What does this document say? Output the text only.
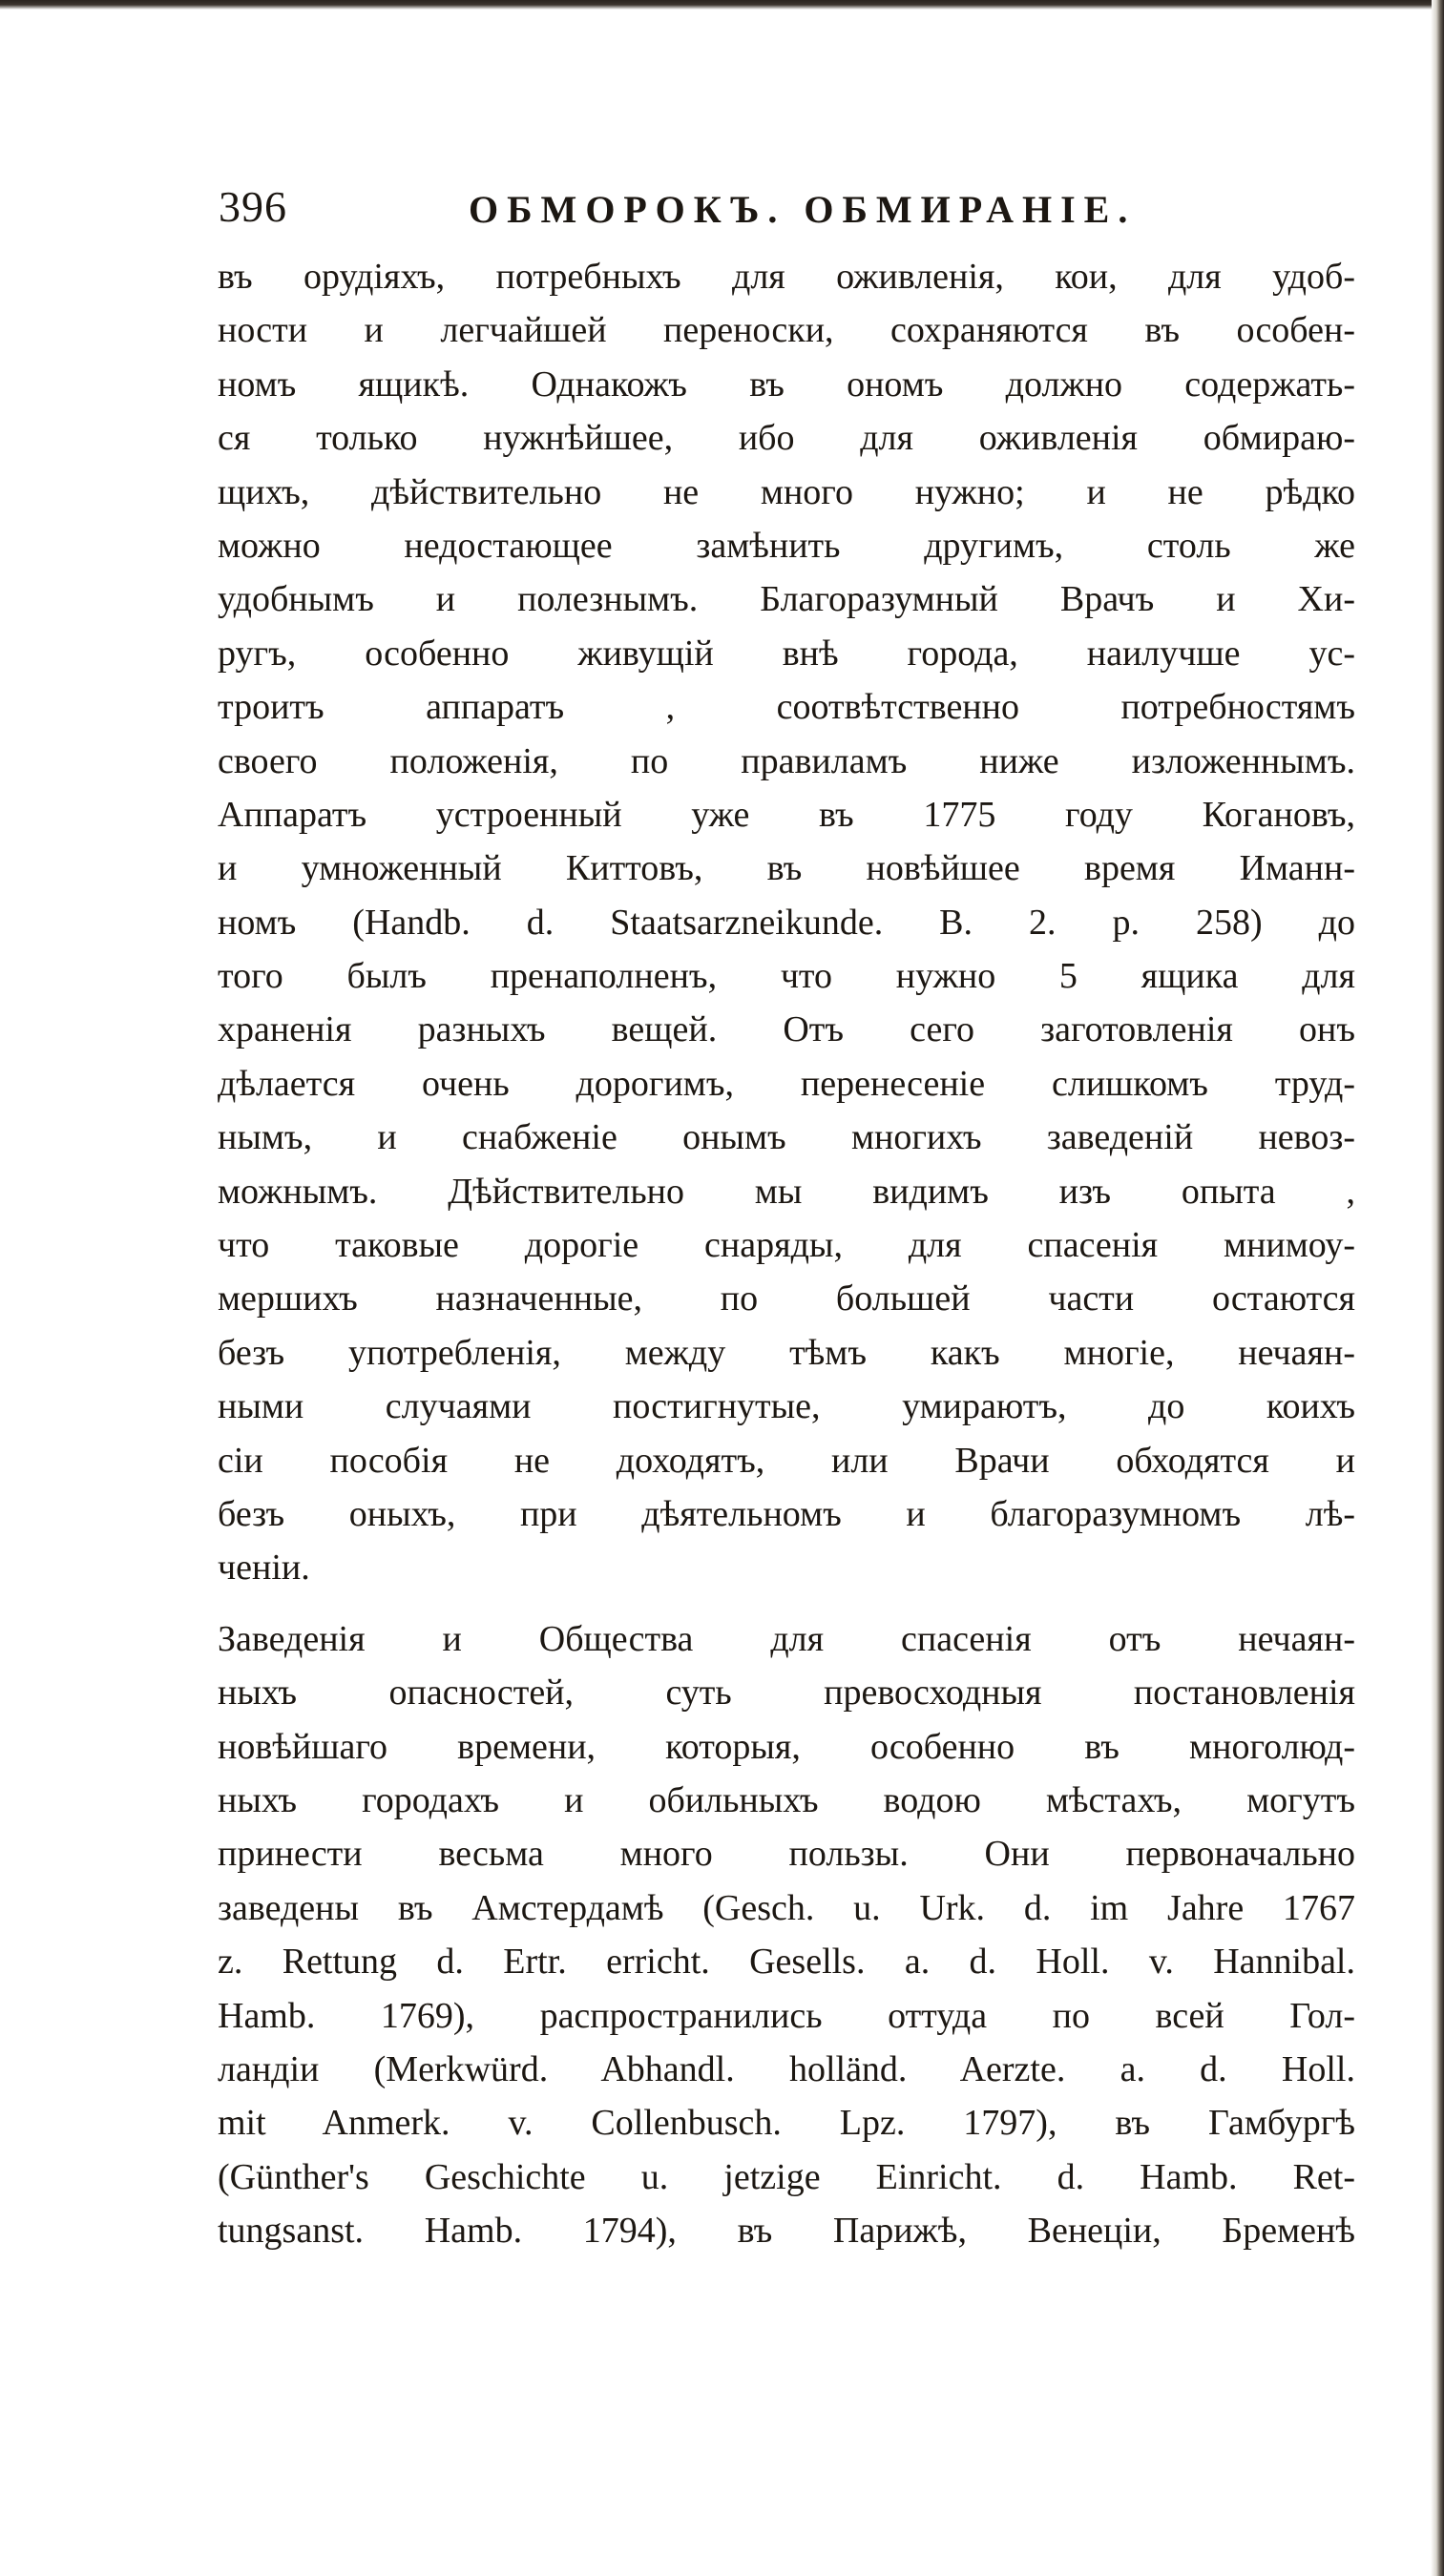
396	ОБМОРОКЪ. ОБМИРАНIЕ.
въ орудiяхъ, потребныхъ для оживленiя, кои, для удоб-
ности и легчайшей переноски, сохраняются въ особен-
номъ ящикѣ. Однакожъ въ ономъ должно содержать-
ся только нужнѣйшее, ибо для оживленiя обмираю-
щихъ, дѣйствительно не много нужно; и не рѣдко
можно недостающее замѣнить другимъ, столь же
удобнымъ и полезнымъ. Благоразумный Врачъ и Хи-
ругъ, особенно живущiй внѣ города, наилучше ус-
троитъ аппаратъ , соотвѣтственно потребностямъ
своего положенiя, по правиламъ ниже изложеннымъ.
Аппаратъ устроенный уже въ 1775 году Когановъ,
и умноженный Киттовъ, въ новѣйшее время Иманн-
номъ (Handb. d. Staatsarzneikunde. B. 2. p. 258) до
того былъ пренаполненъ, что нужно 5 ящика для
храненiя разныхъ вещей. Отъ сего заготовленiя онъ
дѣлается очень дорогимъ, перенесенiе слишкомъ труд-
нымъ, и снабженiе онымъ многихъ заведенiй невоз-
можнымъ. Дѣйствительно мы видимъ изъ опыта ,
что таковые дорогiе снаряды, для спасенiя мнимоу-
мершихъ назначенные, по большей части остаются
безъ употребленiя, между тѣмъ какъ многiе, нечаян-
ными случаями постигнутые, умираютъ, до коихъ
сiи пособiя не доходятъ, или Врачи обходятся и
безъ оныхъ, при дѣятельномъ и благоразумномъ лѣ-
ченiи.
Заведенiя и Общества для спасенiя отъ нечаян-
ныхъ опасностей, суть превосходныя постановленiя
новѣйшаго времени, которыя, особенно въ многолюд-
ныхъ городахъ и обильныхъ водою мѣстахъ, могутъ
принести весьма много пользы. Они первоначально
заведены въ Амстердамѣ (Gesch. u. Urk. d. im Jahre 1767
z. Rettung d. Ertr. erricht. Gesells. a. d. Holl. v. Hannibal.
Hamb. 1769), распространились оттуда по всей Гол-
ландiи (Merkwürd. Abhandl. holländ. Aerzte. a. d. Holl.
mit Anmerk. v. Collenbusch. Lpz. 1797), въ Гамбургѣ
(Günther's Geschichte u. jetzige Einricht. d. Hamb. Ret-
tungsanst. Hamb. 1794), въ Парижѣ, Венецiи, Бременѣ
